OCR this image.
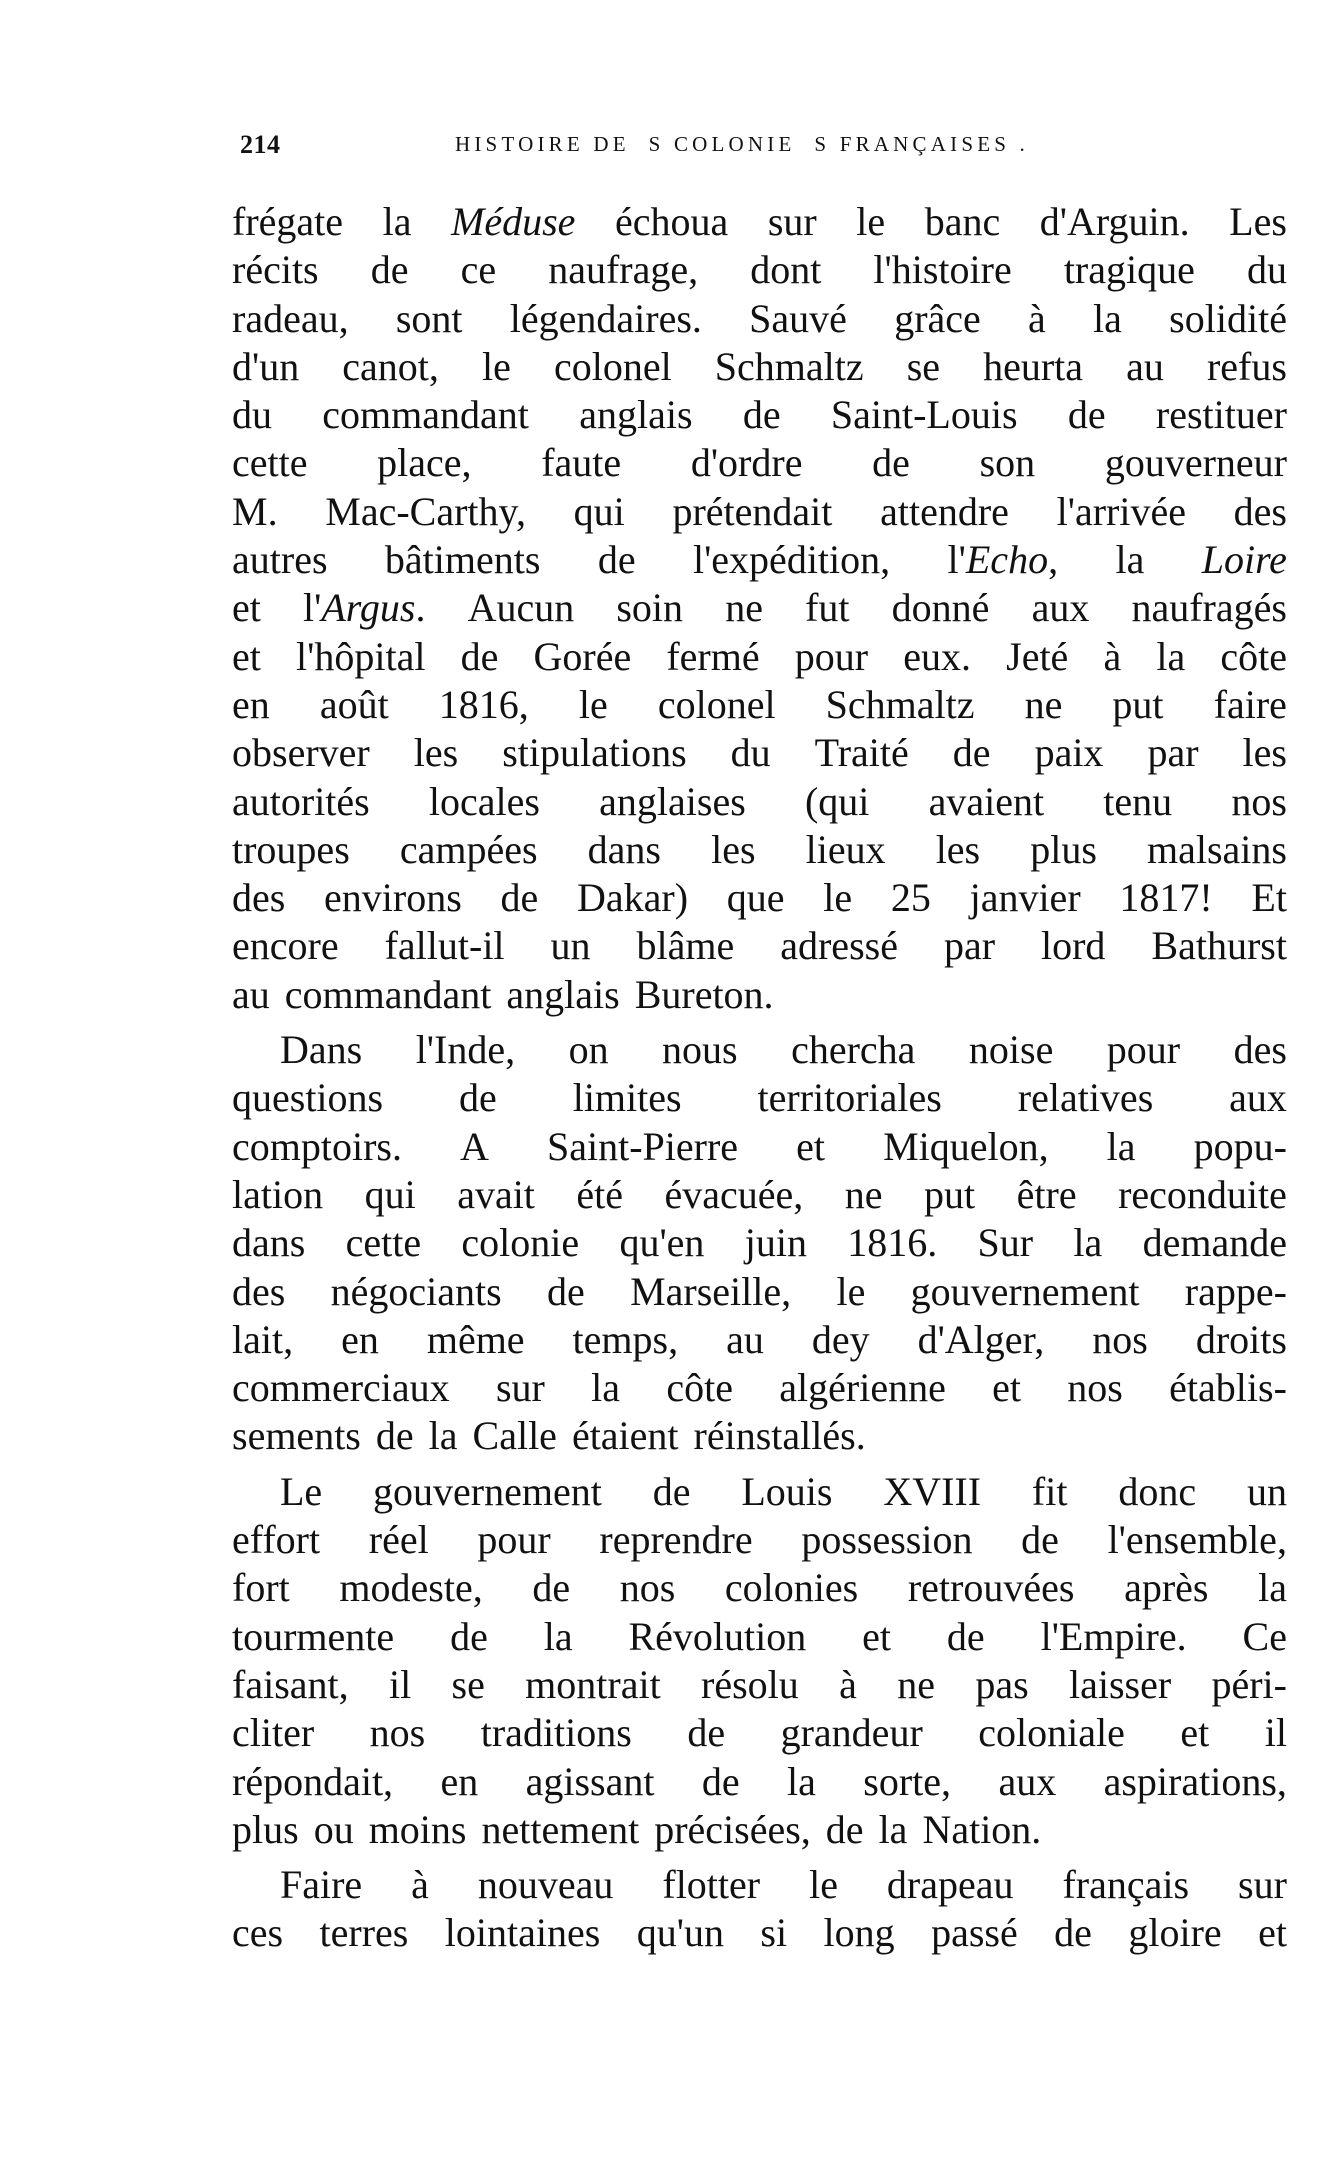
214	HISTOIRE DE  S COLONIE  S FRANÇAISES .
frégate la Méduse échoua sur le banc d'Arguin. Les
récits de ce naufrage, dont l'histoire tragique du
radeau, sont légendaires. Sauvé grâce à la solidité
d'un canot, le colonel Schmaltz se heurta au refus
du commandant anglais de Saint-Louis de restituer
cette place, faute d'ordre de son gouverneur
M. Mac-Carthy, qui prétendait attendre l'arrivée des
autres bâtiments de l'expédition, l'Echo, la Loire
et l'Argus. Aucun soin ne fut donné aux naufragés
et l'hôpital de Gorée fermé pour eux. Jeté à la côte
en août 1816, le colonel Schmaltz ne put faire
observer les stipulations du Traité de paix par les
autorités locales anglaises (qui avaient tenu nos
troupes campées dans les lieux les plus malsains
des environs de Dakar) que le 25 janvier 1817! Et
encore fallut-il un blâme adressé par lord Bathurst
au commandant anglais Bureton.
Dans l'Inde, on nous chercha noise pour des
questions de limites territoriales relatives aux
comptoirs. A Saint-Pierre et Miquelon, la popu-
lation qui avait été évacuée, ne put être reconduite
dans cette colonie qu'en juin 1816. Sur la demande
des négociants de Marseille, le gouvernement rappe-
lait, en même temps, au dey d'Alger, nos droits
commerciaux sur la côte algérienne et nos établis-
sements de la Calle étaient réinstallés.
Le gouvernement de Louis XVIII fit donc un
effort réel pour reprendre possession de l'ensemble,
fort modeste, de nos colonies retrouvées après la
tourmente de la Révolution et de l'Empire. Ce
faisant, il se montrait résolu à ne pas laisser péri-
cliter nos traditions de grandeur coloniale et il
répondait, en agissant de la sorte, aux aspirations,
plus ou moins nettement précisées, de la Nation.
Faire à nouveau flotter le drapeau français sur
ces terres lointaines qu'un si long passé de gloire et
